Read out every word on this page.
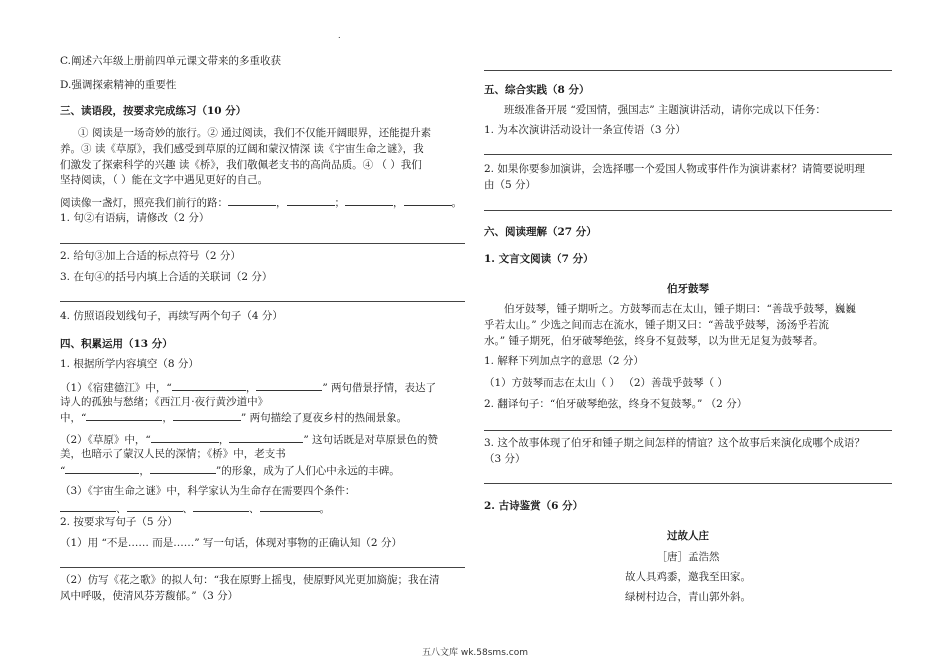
.
C.阐述六年级上册前四单元课文带来的多重收获
D.强调探索精神的重要性
三、读语段，按要求完成练习（10 分）
① 阅读是一场奇妙的旅行。② 通过阅读，我们不仅能开阔眼界，还能提升素
养。③ 读《草原》，我们感受到草原的辽阔和蒙汉情深 读《宇宙生命之谜》，我
们激发了探索科学的兴趣 读《桥》，我们敬佩老支书的高尚品质。④ （ ）我们
坚持阅读，（ ）能在文字中遇见更好的自己。
阅读像一盏灯，照亮我们前行的路：	，	；	，	。
1. 句②有语病，请修改（2 分）
2. 给句③加上合适的标点符号（2 分）
3. 在句④的括号内填上合适的关联词（2 分）
4. 仿照语段划线句子，再续写两个句子（4 分）
四、积累运用（13 分）
1. 根据所学内容填空（8 分）
（1）《宿建德江》中，“	，	” 两句借景抒情，表达了
诗人的孤独与愁绪；《西江月·夜行黄沙道中》
中，“	，	” 两句描绘了夏夜乡村的热闹景象。
（2）《草原》中，“	，	” 这句话既是对草原景色的赞
美，也暗示了蒙汉人民的深情；《桥》中，老支书
“	，	”的形象，成为了人们心中永远的丰碑。
（3）《宇宙生命之谜》中，科学家认为生命存在需要四个条件：
、	、	、	。
2. 按要求写句子（5 分）
（1）用 “不是…… 而是……” 写一句话，体现对事物的正确认知（2 分）
（2）仿写《花之歌》的拟人句：“我在原野上摇曳，使原野风光更加旖旎；我在清
风中呼吸，使清风芬芳馥郁。”（3 分）
五、综合实践（8 分）
班级准备开展 “爱国情，强国志” 主题演讲活动，请你完成以下任务：
1. 为本次演讲活动设计一条宣传语（3 分）
2. 如果你要参加演讲，会选择哪一个爱国人物或事件作为演讲素材？请简要说明理
由（5 分）
六、阅读理解（27 分）
1. 文言文阅读（7 分）
伯牙鼓琴
伯牙鼓琴，锺子期听之。方鼓琴而志在太山，锺子期曰：“善哉乎鼓琴，巍巍
乎若太山。” 少选之间而志在流水，锺子期又曰：“善哉乎鼓琴，汤汤乎若流
水。” 锺子期死，伯牙破琴绝弦，终身不复鼓琴，以为世无足复为鼓琴者。
1. 解释下列加点字的意思（2 分）
（1）方鼓琴而志在太山（ ） （2）善哉乎鼓琴（ ）
2. 翻译句子：“伯牙破琴绝弦，终身不复鼓琴。” （2 分）
3. 这个故事体现了伯牙和锺子期之间怎样的情谊？这个故事后来演化成哪个成语？
（3 分）
2. 古诗鉴赏（6 分）
过故人庄
［唐］孟浩然
故人具鸡黍，邀我至田家。
绿树村边合，青山郭外斜。
五八文库 wk.58sms.com
